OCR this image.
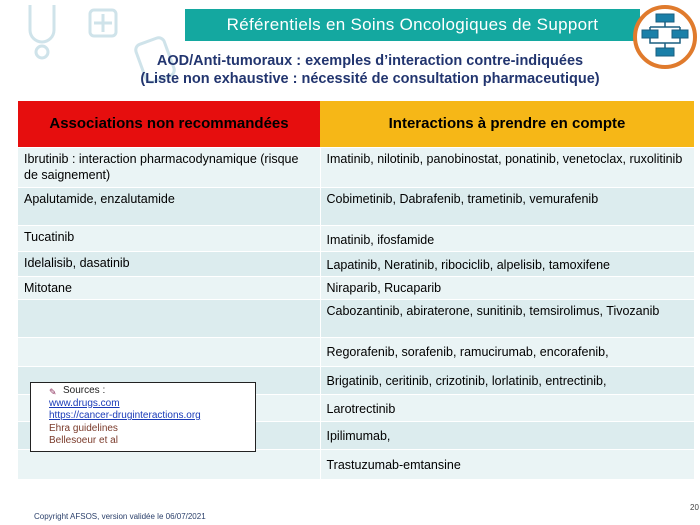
Référentiels en Soins Oncologiques de Support
AOD/Anti-tumoraux : exemples d’interaction contre-indiquées
(Liste non exhaustive : nécessité de consultation pharmaceutique)
Associations non recommandées	Interactions à prendre en compte
Ibrutinib : interaction pharmacodynamique (risque de saignement)	Imatinib, nilotinib, panobinostat, ponatinib, venetoclax, ruxolitinib
Apalutamide, enzalutamide	Cobimetinib, Dabrafenib, trametinib, vemurafenib
Tucatinib	Imatinib, ifosfamide
Idelalisib, dasatinib	Lapatinib, Neratinib, ribociclib, alpelisib, tamoxifene
Mitotane	Niraparib, Rucaparib
	Cabozantinib, abiraterone, sunitinib, temsirolimus, Tivozanib
	Regorafenib, sorafenib, ramucirumab, encorafenib,
	Brigatinib, ceritinib, crizotinib, lorlatinib, entrectinib,
	Larotrectinib
	Ipilimumab,
	Trastuzumab-emtansine
✎ Sources :
www.drugs.com
https://cancer-druginteractions.org
Ehra guidelines
Bellesoeur et al
Copyright AFSOS, version validée le 06/07/2021
20
